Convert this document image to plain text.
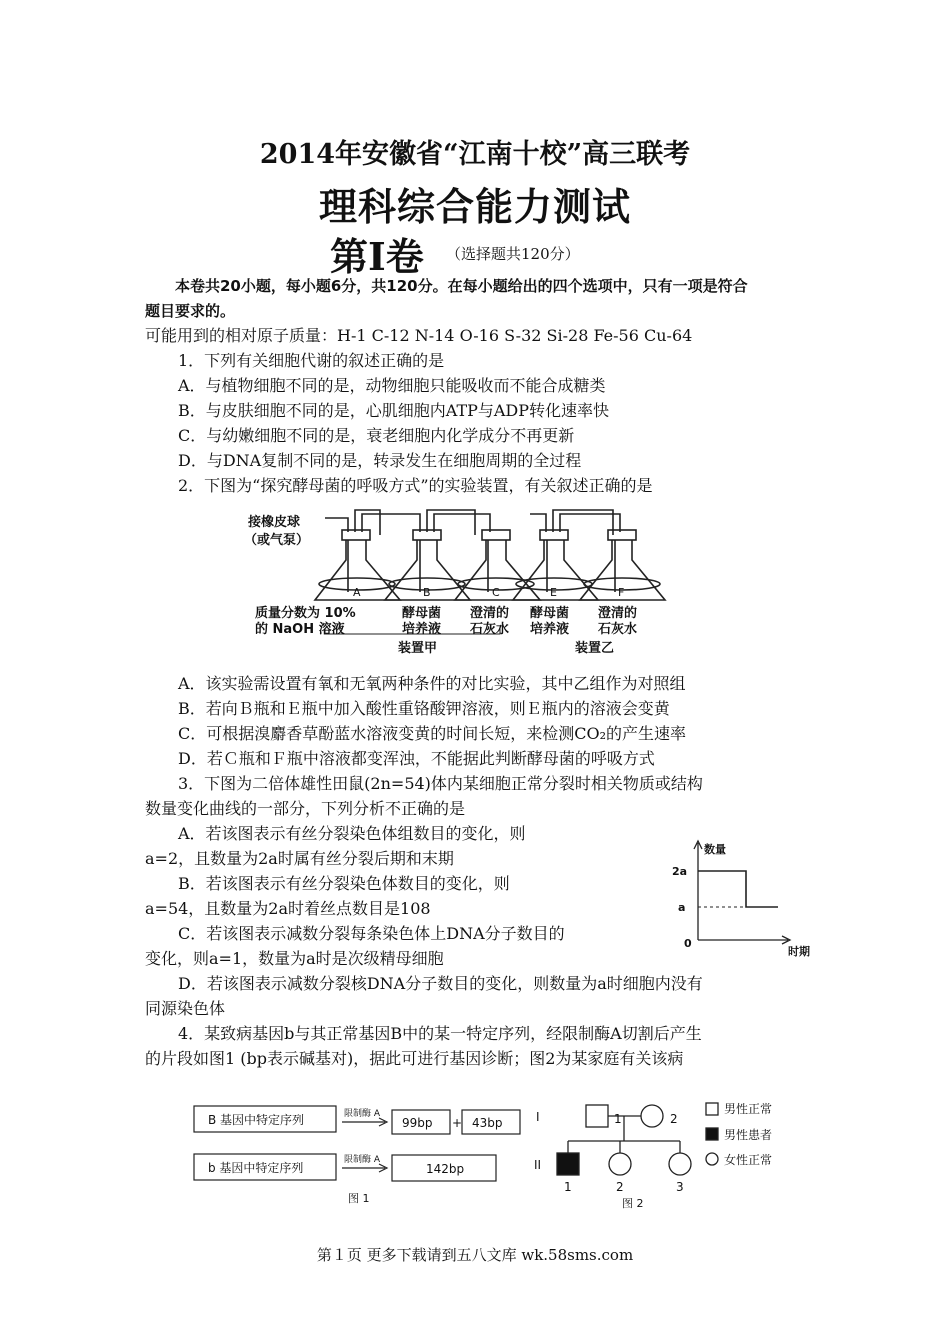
2014年安徽省“江南十校”高三联考
理科综合能力测试
第Ⅰ卷 （选择题共120分）
本卷共20小题，每小题6分，共120分。在每小题给出的四个选项中，只有一项是符合
题目要求的。
可能用到的相对原子质量：H-1 C-12 N-14 O-16 S-32 Si-28 Fe-56 Cu-64
1．下列有关细胞代谢的叙述正确的是
A．与植物细胞不同的是，动物细胞只能吸收而不能合成糖类
B．与皮肤细胞不同的是，心肌细胞内ATP与ADP转化速率快
C．与幼嫩细胞不同的是，衰老细胞内化学成分不再更新
D．与DNA复制不同的是，转录发生在细胞周期的全过程
2．下图为“探究酵母菌的呼吸方式”的实验装置，有关叙述正确的是
接橡皮球
（或气泵）
A	B	C	E	F
质量分数为 10%
的 NaOH 溶液
酵母菌
培养液
澄清的
石灰水
酵母菌
培养液
澄清的
石灰水
装置甲	装置乙
A．该实验需设置有氧和无氧两种条件的对比实验，其中乙组作为对照组
B．若向Ｂ瓶和Ｅ瓶中加入酸性重铬酸钾溶液，则Ｅ瓶内的溶液会变黄
C．可根据溴麝香草酚蓝水溶液变黄的时间长短，来检测CO₂的产生速率
D．若Ｃ瓶和Ｆ瓶中溶液都变浑浊，不能据此判断酵母菌的呼吸方式
3．下图为二倍体雄性田鼠(2n=54)体内某细胞正常分裂时相关物质或结构
数量变化曲线的一部分，下列分析不正确的是
A．若该图表示有丝分裂染色体组数目的变化，则
a=2，且数量为2a时属有丝分裂后期和末期
B．若该图表示有丝分裂染色体数目的变化，则
a=54，且数量为2a时着丝点数目是108
C．若该图表示减数分裂每条染色体上DNA分子数目的
变化，则a=1，数量为a时是次级精母细胞
D．若该图表示减数分裂核DNA分子数目的变化，则数量为a时细胞内没有
同源染色体
数量
2a
a
0
时期
4．某致病基因b与其正常基因B中的某一特定序列，经限制酶A切割后产生
的片段如图1 (bp表示碱基对)，据此可进行基因诊断；图2为某家庭有关该病
B 基因中特定序列
b 基因中特定序列
限制酶 A
限制酶 A
99bp + 43bp
142bp
图 1
I
II
1	2
1	2	3
男性正常
男性患者
女性正常
图 2
第１页 更多下载请到五八文库 wk.58sms.com
